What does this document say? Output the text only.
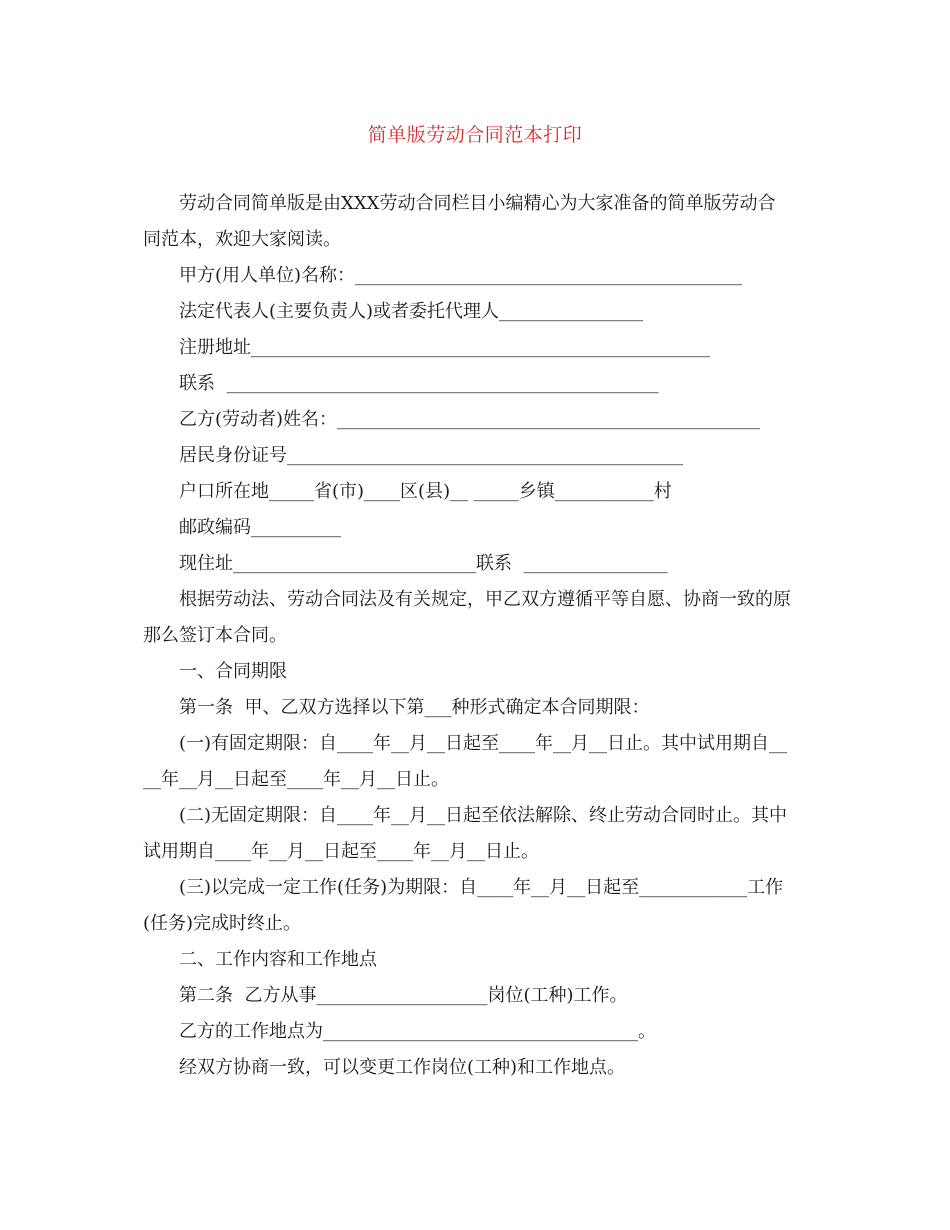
简单版劳动合同范本打印

劳动合同简单版是由XXX劳动合同栏目小编精心为大家准备的简单版劳动合同范本，欢迎大家阅读。

甲方(用人单位)名称：___________________________________________

法定代表人(主要负责人)或者委托代理人________________

注册地址___________________________________________________

联系  ________________________________________________

乙方(劳动者)姓名：_______________________________________________

居民身份证号____________________________________________

户口所在地_____省(市)____区(县)__ _____乡镇___________村

邮政编码__________

现住址___________________________联系  ________________

根据劳动法、劳动合同法及有关规定，甲乙双方遵循平等自愿、协商一致的原那么签订本合同。

一、合同期限

第一条  甲、乙双方选择以下第___种形式确定本合同期限：

(一)有固定期限：自____年__月__日起至____年__月__日止。其中试用期自____年__月__日起至____年__月__日止。

(二)无固定期限：自____年__月__日起至依法解除、终止劳动合同时止。其中试用期自____年__月__日起至____年__月__日止。

(三)以完成一定工作(任务)为期限：自____年__月__日起至____________工作(任务)完成时终止。

二、工作内容和工作地点

第二条  乙方从事___________________岗位(工种)工作。

乙方的工作地点为___________________________________。

经双方协商一致，可以变更工作岗位(工种)和工作地点。
